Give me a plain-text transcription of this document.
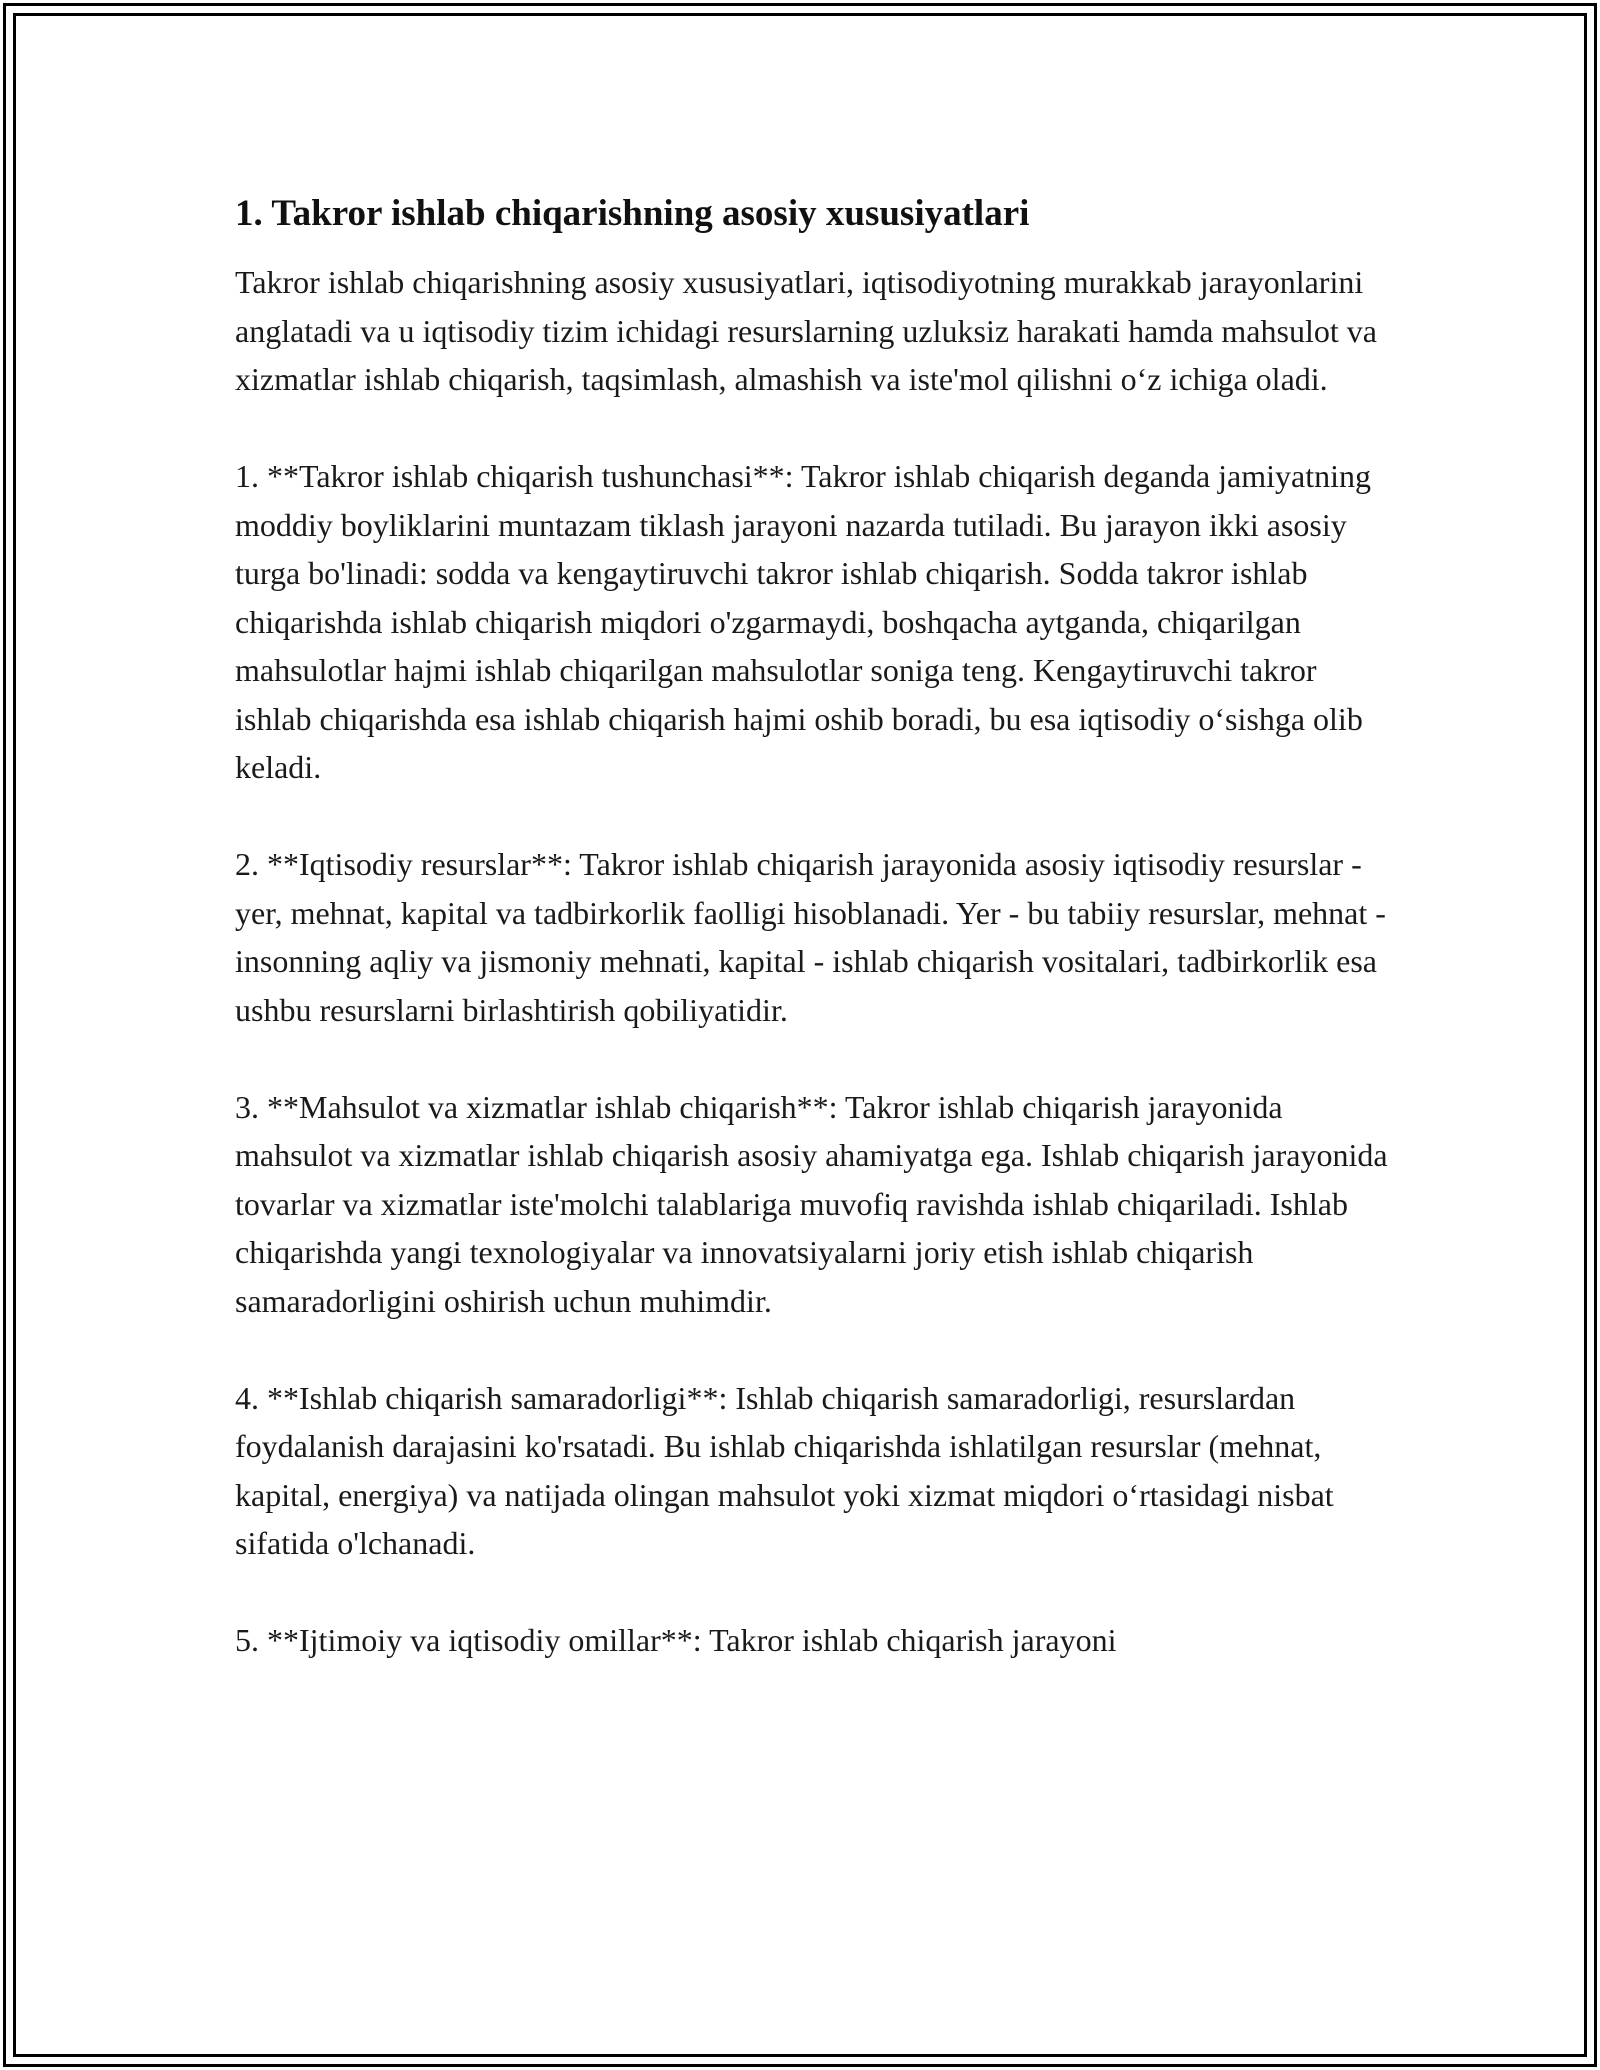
1. Takror ishlab chiqarishning asosiy xususiyatlari

Takror ishlab chiqarishning asosiy xususiyatlari, iqtisodiyotning murakkab jarayonlarini anglatadi va u iqtisodiy tizim ichidagi resurslarning uzluksiz harakati hamda mahsulot va xizmatlar ishlab chiqarish, taqsimlash, almashish va iste'mol qilishni o‘z ichiga oladi.

1. **Takror ishlab chiqarish tushunchasi**: Takror ishlab chiqarish deganda jamiyatning moddiy boyliklarini muntazam tiklash jarayoni nazarda tutiladi. Bu jarayon ikki asosiy turga bo'linadi: sodda va kengaytiruvchi takror ishlab chiqarish. Sodda takror ishlab chiqarishda ishlab chiqarish miqdori o'zgarmaydi, boshqacha aytganda, chiqarilgan mahsulotlar hajmi ishlab chiqarilgan mahsulotlar soniga teng. Kengaytiruvchi takror ishlab chiqarishda esa ishlab chiqarish hajmi oshib boradi, bu esa iqtisodiy o‘sishga olib keladi.

2. **Iqtisodiy resurslar**: Takror ishlab chiqarish jarayonida asosiy iqtisodiy resurslar - yer, mehnat, kapital va tadbirkorlik faolligi hisoblanadi. Yer - bu tabiiy resurslar, mehnat - insonning aqliy va jismoniy mehnati, kapital - ishlab chiqarish vositalari, tadbirkorlik esa ushbu resurslarni birlashtirish qobiliyatidir.

3. **Mahsulot va xizmatlar ishlab chiqarish**: Takror ishlab chiqarish jarayonida mahsulot va xizmatlar ishlab chiqarish asosiy ahamiyatga ega. Ishlab chiqarish jarayonida tovarlar va xizmatlar iste'molchi talablariga muvofiq ravishda ishlab chiqariladi. Ishlab chiqarishda yangi texnologiyalar va innovatsiyalarni joriy etish ishlab chiqarish samaradorligini oshirish uchun muhimdir.

4. **Ishlab chiqarish samaradorligi**: Ishlab chiqarish samaradorligi, resurslardan foydalanish darajasini ko'rsatadi. Bu ishlab chiqarishda ishlatilgan resurslar (mehnat, kapital, energiya) va natijada olingan mahsulot yoki xizmat miqdori o‘rtasidagi nisbat sifatida o'lchanadi.

5. **Ijtimoiy va iqtisodiy omillar**: Takror ishlab chiqarish jarayoni
